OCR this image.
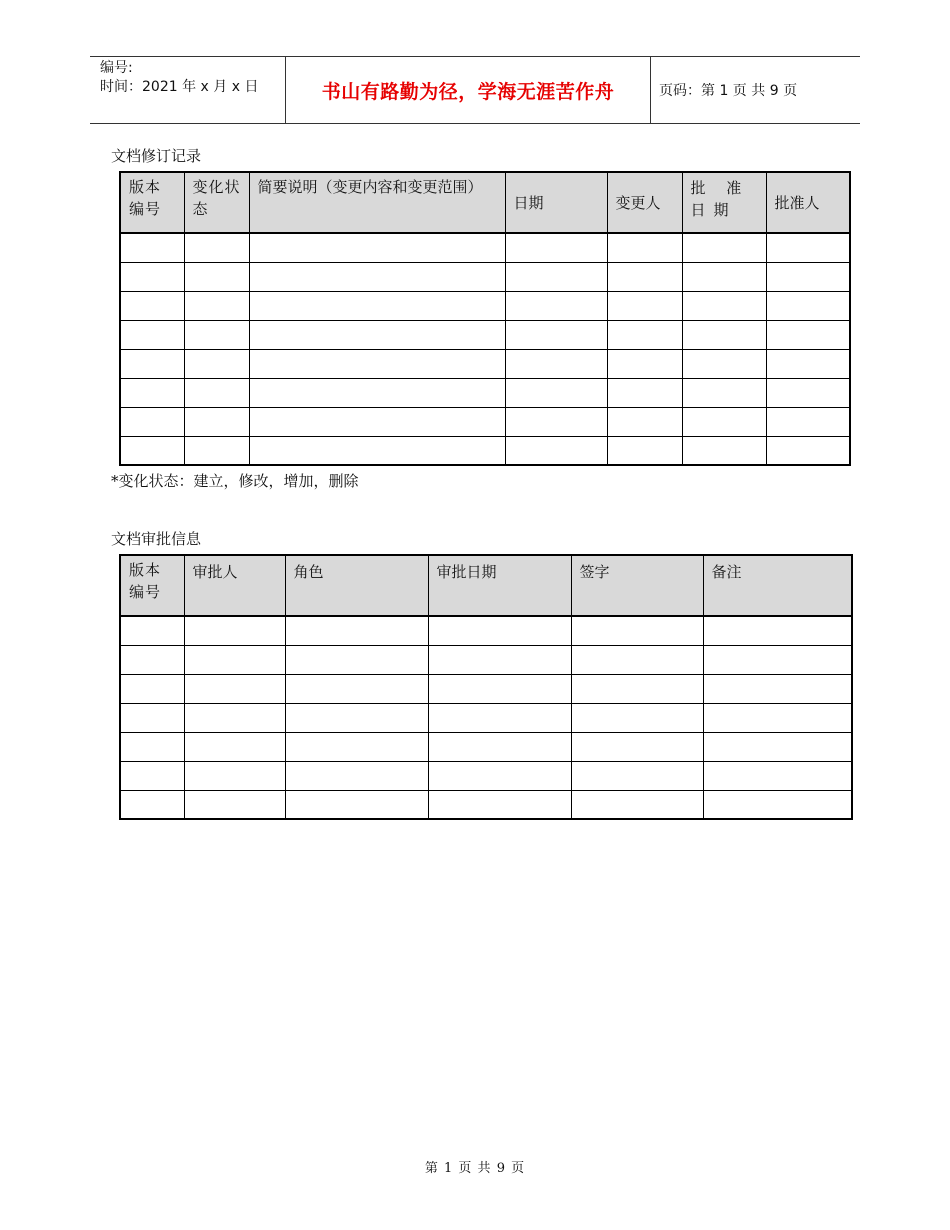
编号:
时间：2021 年 x 月 x 日	书山有路勤为径，学海无涯苦作舟	页码：第 1 页 共 9 页
文档修订记录
版本编号	变化状态	简要说明（变更内容和变更范围）	日期	变更人	批 准 日期	批准人

*变化状态：建立，修改，增加，删除
文档审批信息
版本编号	审批人	角色	审批日期	签字	备注

第 1 页 共 9 页
